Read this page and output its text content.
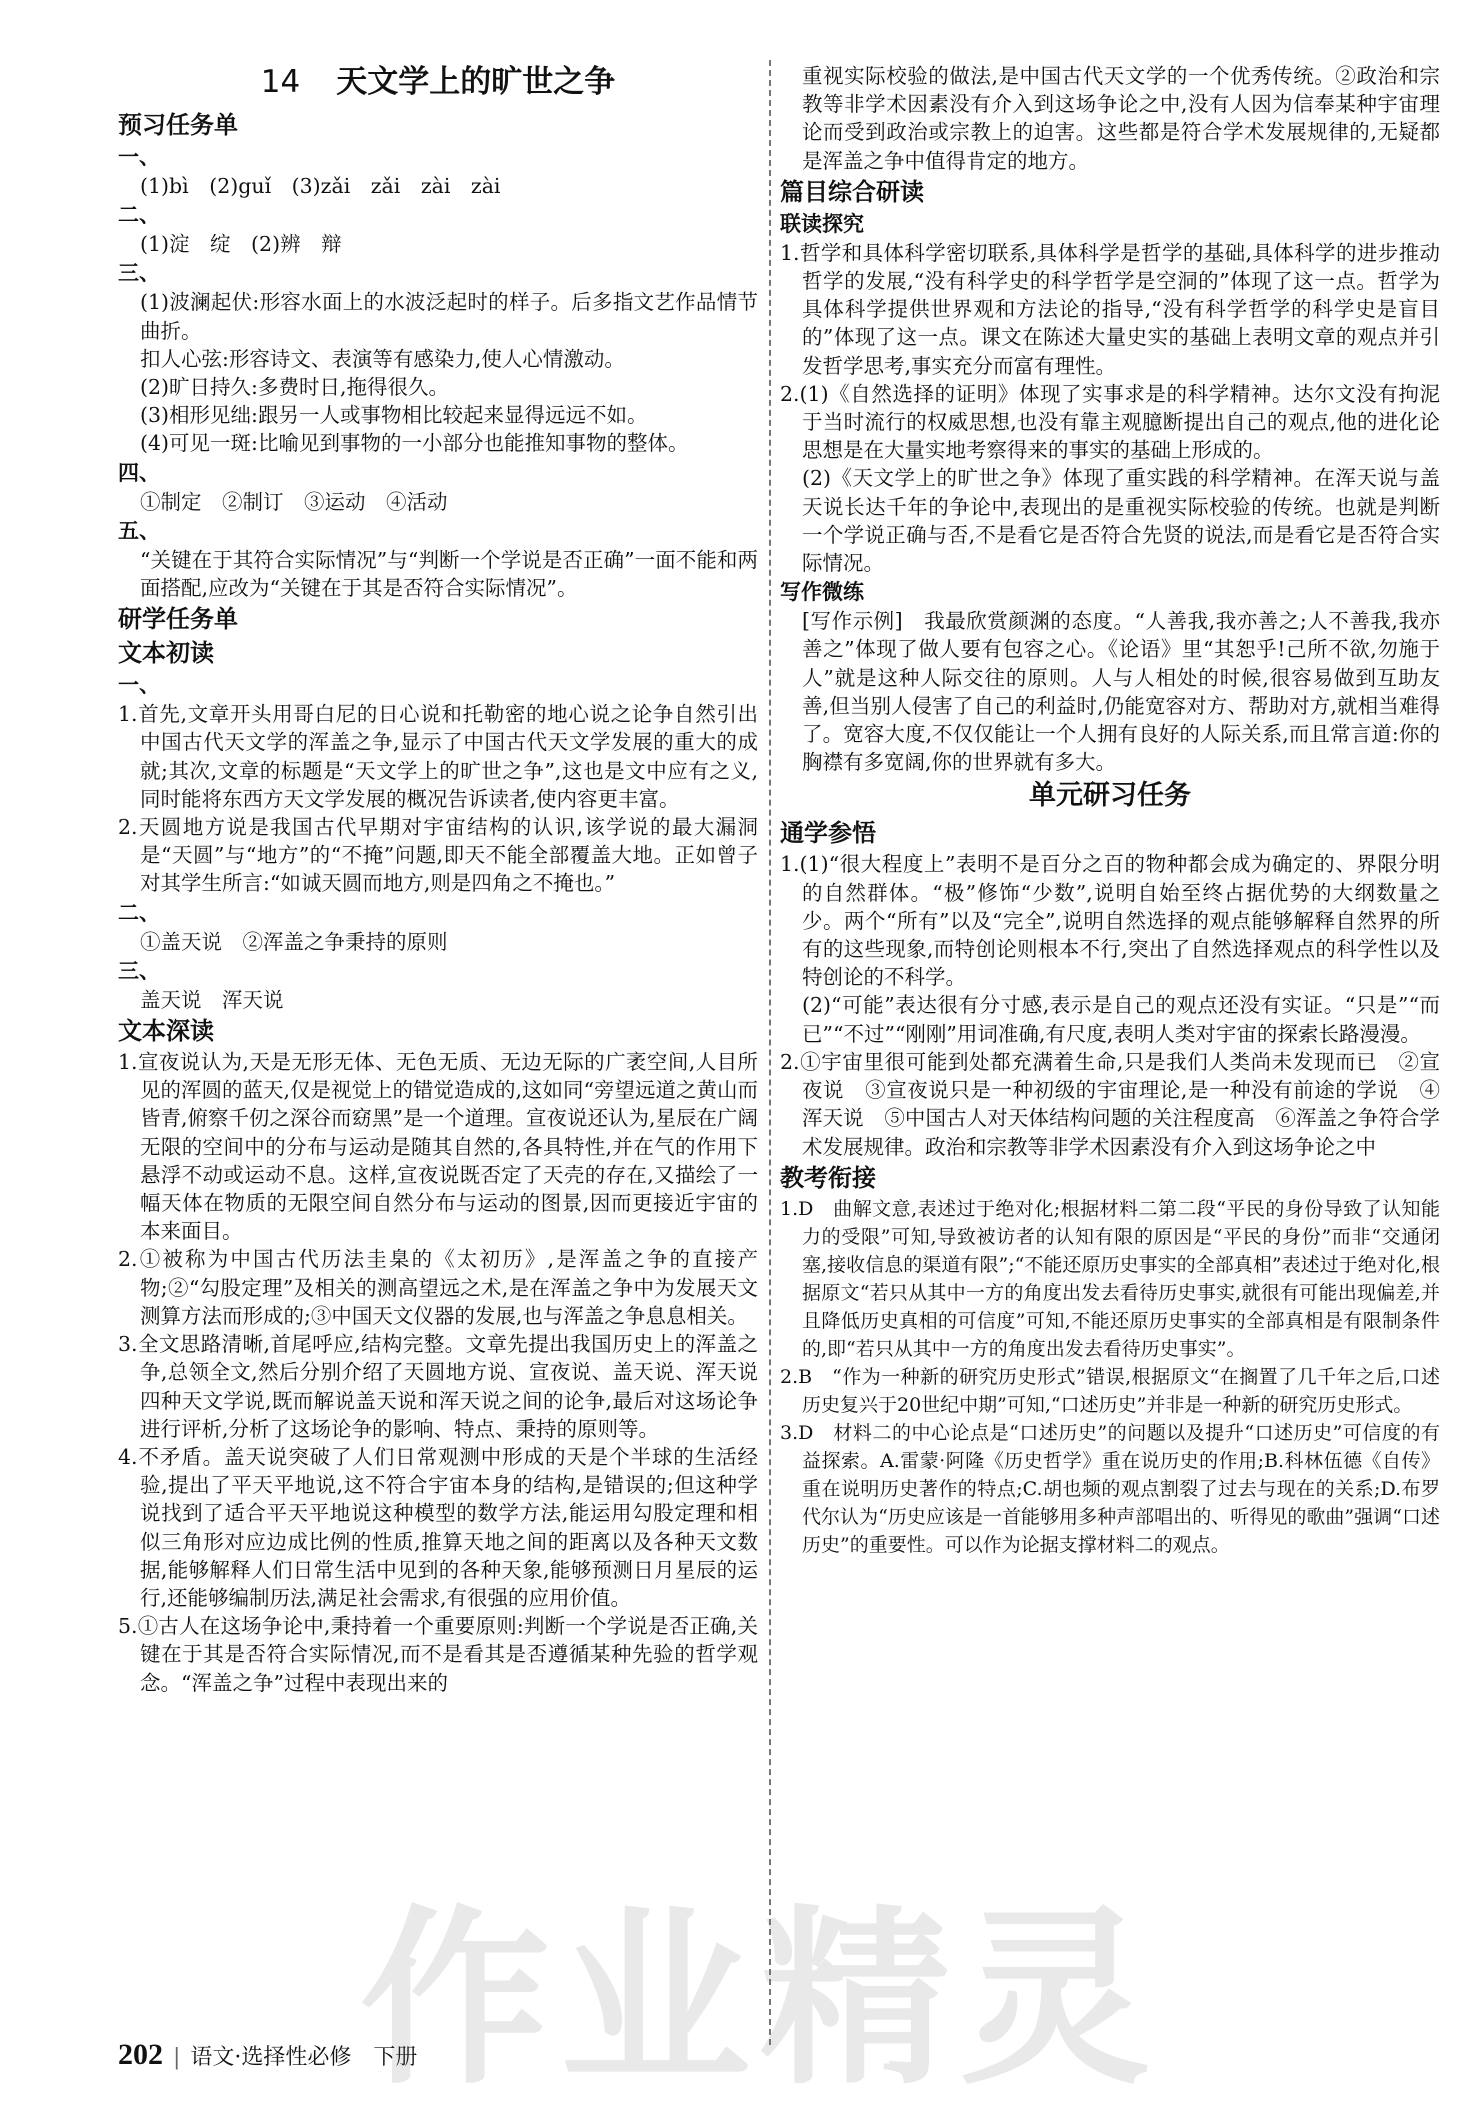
14 天文学上的旷世之争
预习任务单
一、
(1)bì　(2)guǐ　(3)zǎi　zǎi　zài　zài
二、
(1)淀　绽　(2)辨　辩
三、
(1)波澜起伏:形容水面上的水波泛起时的样子。后多指文艺作品情节曲折。
扣人心弦:形容诗文、表演等有感染力,使人心情激动。
(2)旷日持久:多费时日,拖得很久。
(3)相形见绌:跟另一人或事物相比较起来显得远远不如。
(4)可见一斑:比喻见到事物的一小部分也能推知事物的整体。
四、
①制定　②制订　③运动　④活动
五、
“关键在于其符合实际情况”与“判断一个学说是否正确”一面不能和两面搭配,应改为“关键在于其是否符合实际情况”。
研学任务单
文本初读
一、
1.首先,文章开头用哥白尼的日心说和托勒密的地心说之论争自然引出中国古代天文学的浑盖之争,显示了中国古代天文学发展的重大的成就;其次,文章的标题是“天文学上的旷世之争”,这也是文中应有之义,同时能将东西方天文学发展的概况告诉读者,使内容更丰富。
2.天圆地方说是我国古代早期对宇宙结构的认识,该学说的最大漏洞是“天圆”与“地方”的“不掩”问题,即天不能全部覆盖大地。正如曾子对其学生所言:“如诚天圆而地方,则是四角之不掩也。”
二、
①盖天说　②浑盖之争秉持的原则
三、
盖天说　浑天说
文本深读
1.宣夜说认为,天是无形无体、无色无质、无边无际的广袤空间,人目所见的浑圆的蓝天,仅是视觉上的错觉造成的,这如同“旁望远道之黄山而皆青,俯察千仞之深谷而窈黑”是一个道理。宣夜说还认为,星辰在广阔无限的空间中的分布与运动是随其自然的,各具特性,并在气的作用下悬浮不动或运动不息。这样,宣夜说既否定了天壳的存在,又描绘了一幅天体在物质的无限空间自然分布与运动的图景,因而更接近宇宙的本来面目。
2.①被称为中国古代历法圭臬的《太初历》,是浑盖之争的直接产物;②“勾股定理”及相关的测高望远之术,是在浑盖之争中为发展天文测算方法而形成的;③中国天文仪器的发展,也与浑盖之争息息相关。
3.全文思路清晰,首尾呼应,结构完整。文章先提出我国历史上的浑盖之争,总领全文,然后分别介绍了天圆地方说、宣夜说、盖天说、浑天说四种天文学说,既而解说盖天说和浑天说之间的论争,最后对这场论争进行评析,分析了这场论争的影响、特点、秉持的原则等。
4.不矛盾。盖天说突破了人们日常观测中形成的天是个半球的生活经验,提出了平天平地说,这不符合宇宙本身的结构,是错误的;但这种学说找到了适合平天平地说这种模型的数学方法,能运用勾股定理和相似三角形对应边成比例的性质,推算天地之间的距离以及各种天文数据,能够解释人们日常生活中见到的各种天象,能够预测日月星辰的运行,还能够编制历法,满足社会需求,有很强的应用价值。
5.①古人在这场争论中,秉持着一个重要原则:判断一个学说是否正确,关键在于其是否符合实际情况,而不是看其是否遵循某种先验的哲学观念。“浑盖之争”过程中表现出来的
重视实际校验的做法,是中国古代天文学的一个优秀传统。②政治和宗教等非学术因素没有介入到这场争论之中,没有人因为信奉某种宇宙理论而受到政治或宗教上的迫害。这些都是符合学术发展规律的,无疑都是浑盖之争中值得肯定的地方。
篇目综合研读
联读探究
1.哲学和具体科学密切联系,具体科学是哲学的基础,具体科学的进步推动哲学的发展,“没有科学史的科学哲学是空洞的”体现了这一点。哲学为具体科学提供世界观和方法论的指导,“没有科学哲学的科学史是盲目的”体现了这一点。课文在陈述大量史实的基础上表明文章的观点并引发哲学思考,事实充分而富有理性。
2.(1)《自然选择的证明》体现了实事求是的科学精神。达尔文没有拘泥于当时流行的权威思想,也没有靠主观臆断提出自己的观点,他的进化论思想是在大量实地考察得来的事实的基础上形成的。
(2)《天文学上的旷世之争》体现了重实践的科学精神。在浑天说与盖天说长达千年的争论中,表现出的是重视实际校验的传统。也就是判断一个学说正确与否,不是看它是否符合先贤的说法,而是看它是否符合实际情况。
写作微练
[写作示例]　我最欣赏颜渊的态度。“人善我,我亦善之;人不善我,我亦善之”体现了做人要有包容之心。《论语》里“其恕乎!己所不欲,勿施于人”就是这种人际交往的原则。人与人相处的时候,很容易做到互助友善,但当别人侵害了自己的利益时,仍能宽容对方、帮助对方,就相当难得了。宽容大度,不仅仅能让一个人拥有良好的人际关系,而且常言道:你的胸襟有多宽阔,你的世界就有多大。
单元研习任务
通学参悟
1.(1)“很大程度上”表明不是百分之百的物种都会成为确定的、界限分明的自然群体。“极”修饰“少数”,说明自始至终占据优势的大纲数量之少。两个“所有”以及“完全”,说明自然选择的观点能够解释自然界的所有的这些现象,而特创论则根本不行,突出了自然选择观点的科学性以及特创论的不科学。
(2)“可能”表达很有分寸感,表示是自己的观点还没有实证。“只是”“而已”“不过”“刚刚”用词准确,有尺度,表明人类对宇宙的探索长路漫漫。
2.①宇宙里很可能到处都充满着生命,只是我们人类尚未发现而已　②宣夜说　③宣夜说只是一种初级的宇宙理论,是一种没有前途的学说　④浑天说　⑤中国古人对天体结构问题的关注程度高　⑥浑盖之争符合学术发展规律。政治和宗教等非学术因素没有介入到这场争论之中
教考衔接
1.D　曲解文意,表述过于绝对化;根据材料二第二段“平民的身份导致了认知能力的受限”可知,导致被访者的认知有限的原因是“平民的身份”而非“交通闭塞,接收信息的渠道有限”;“不能还原历史事实的全部真相”表述过于绝对化,根据原文“若只从其中一方的角度出发去看待历史事实,就很有可能出现偏差,并且降低历史真相的可信度”可知,不能还原历史事实的全部真相是有限制条件的,即“若只从其中一方的角度出发去看待历史事实”。
2.B　“作为一种新的研究历史形式”错误,根据原文“在搁置了几千年之后,口述历史复兴于20世纪中期”可知,“口述历史”并非是一种新的研究历史形式。
3.D　材料二的中心论点是“口述历史”的问题以及提升“口述历史”可信度的有益探索。A.雷蒙·阿隆《历史哲学》重在说历史的作用;B.科林伍德《自传》重在说明历史著作的特点;C.胡也频的观点割裂了过去与现在的关系;D.布罗代尔认为“历史应该是一首能够用多种声部唱出的、听得见的歌曲”强调“口述历史”的重要性。可以作为论据支撑材料二的观点。
202 | 语文·选择性必修　下册
作业精灵
